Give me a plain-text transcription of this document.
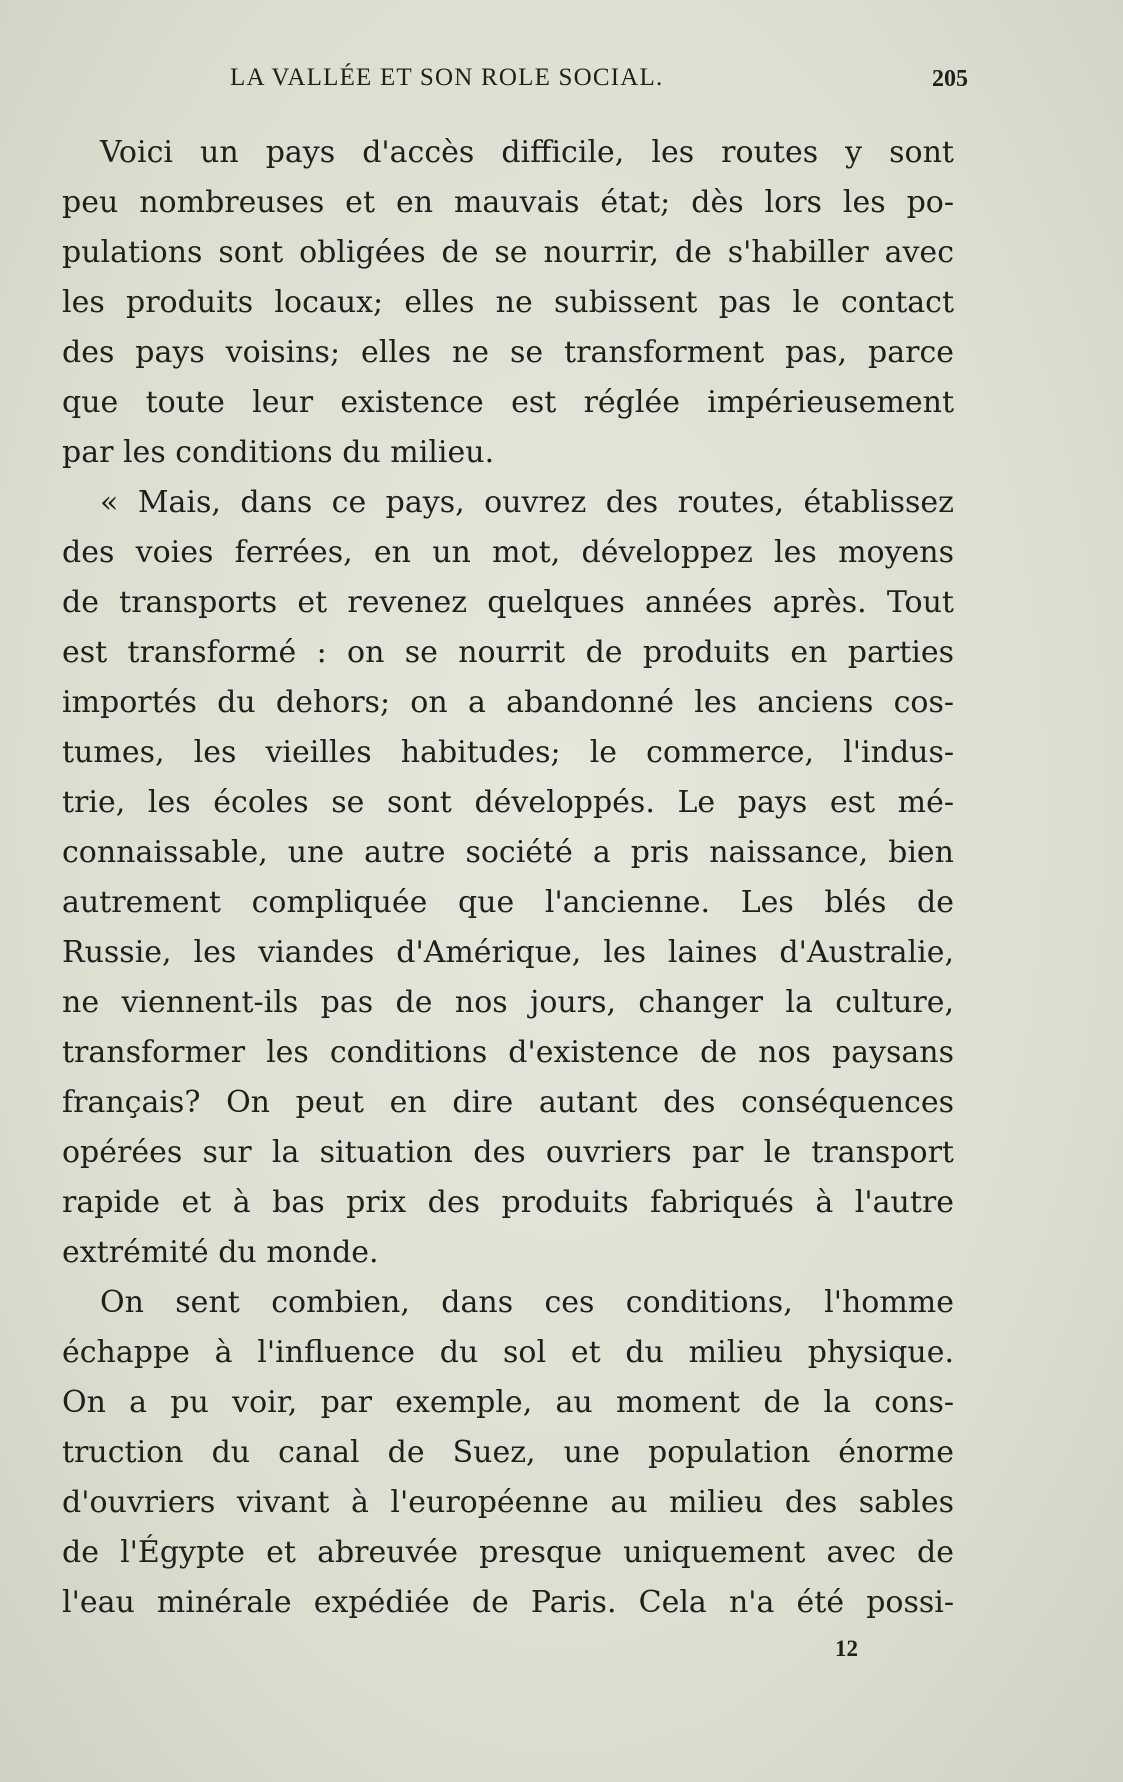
LA VALLÉE ET SON ROLE SOCIAL.	205
Voici un pays d'accès difficile, les routes y sont
peu nombreuses et en mauvais état; dès lors les po-
pulations sont obligées de se nourrir, de s'habiller avec
les produits locaux; elles ne subissent pas le contact
des pays voisins; elles ne se transforment pas, parce
que toute leur existence est réglée impérieusement
par les conditions du milieu.
« Mais, dans ce pays, ouvrez des routes, établissez
des voies ferrées, en un mot, développez les moyens
de transports et revenez quelques années après. Tout
est transformé : on se nourrit de produits en parties
importés du dehors; on a abandonné les anciens cos-
tumes, les vieilles habitudes; le commerce, l'indus-
trie, les écoles se sont développés. Le pays est mé-
connaissable, une autre société a pris naissance, bien
autrement compliquée que l'ancienne. Les blés de
Russie, les viandes d'Amérique, les laines d'Australie,
ne viennent-ils pas de nos jours, changer la culture,
transformer les conditions d'existence de nos paysans
français? On peut en dire autant des conséquences
opérées sur la situation des ouvriers par le transport
rapide et à bas prix des produits fabriqués à l'autre
extrémité du monde.
On sent combien, dans ces conditions, l'homme
échappe à l'influence du sol et du milieu physique.
On a pu voir, par exemple, au moment de la cons-
truction du canal de Suez, une population énorme
d'ouvriers vivant à l'européenne au milieu des sables
de l'Égypte et abreuvée presque uniquement avec de
l'eau minérale expédiée de Paris. Cela n'a été possi-
12
